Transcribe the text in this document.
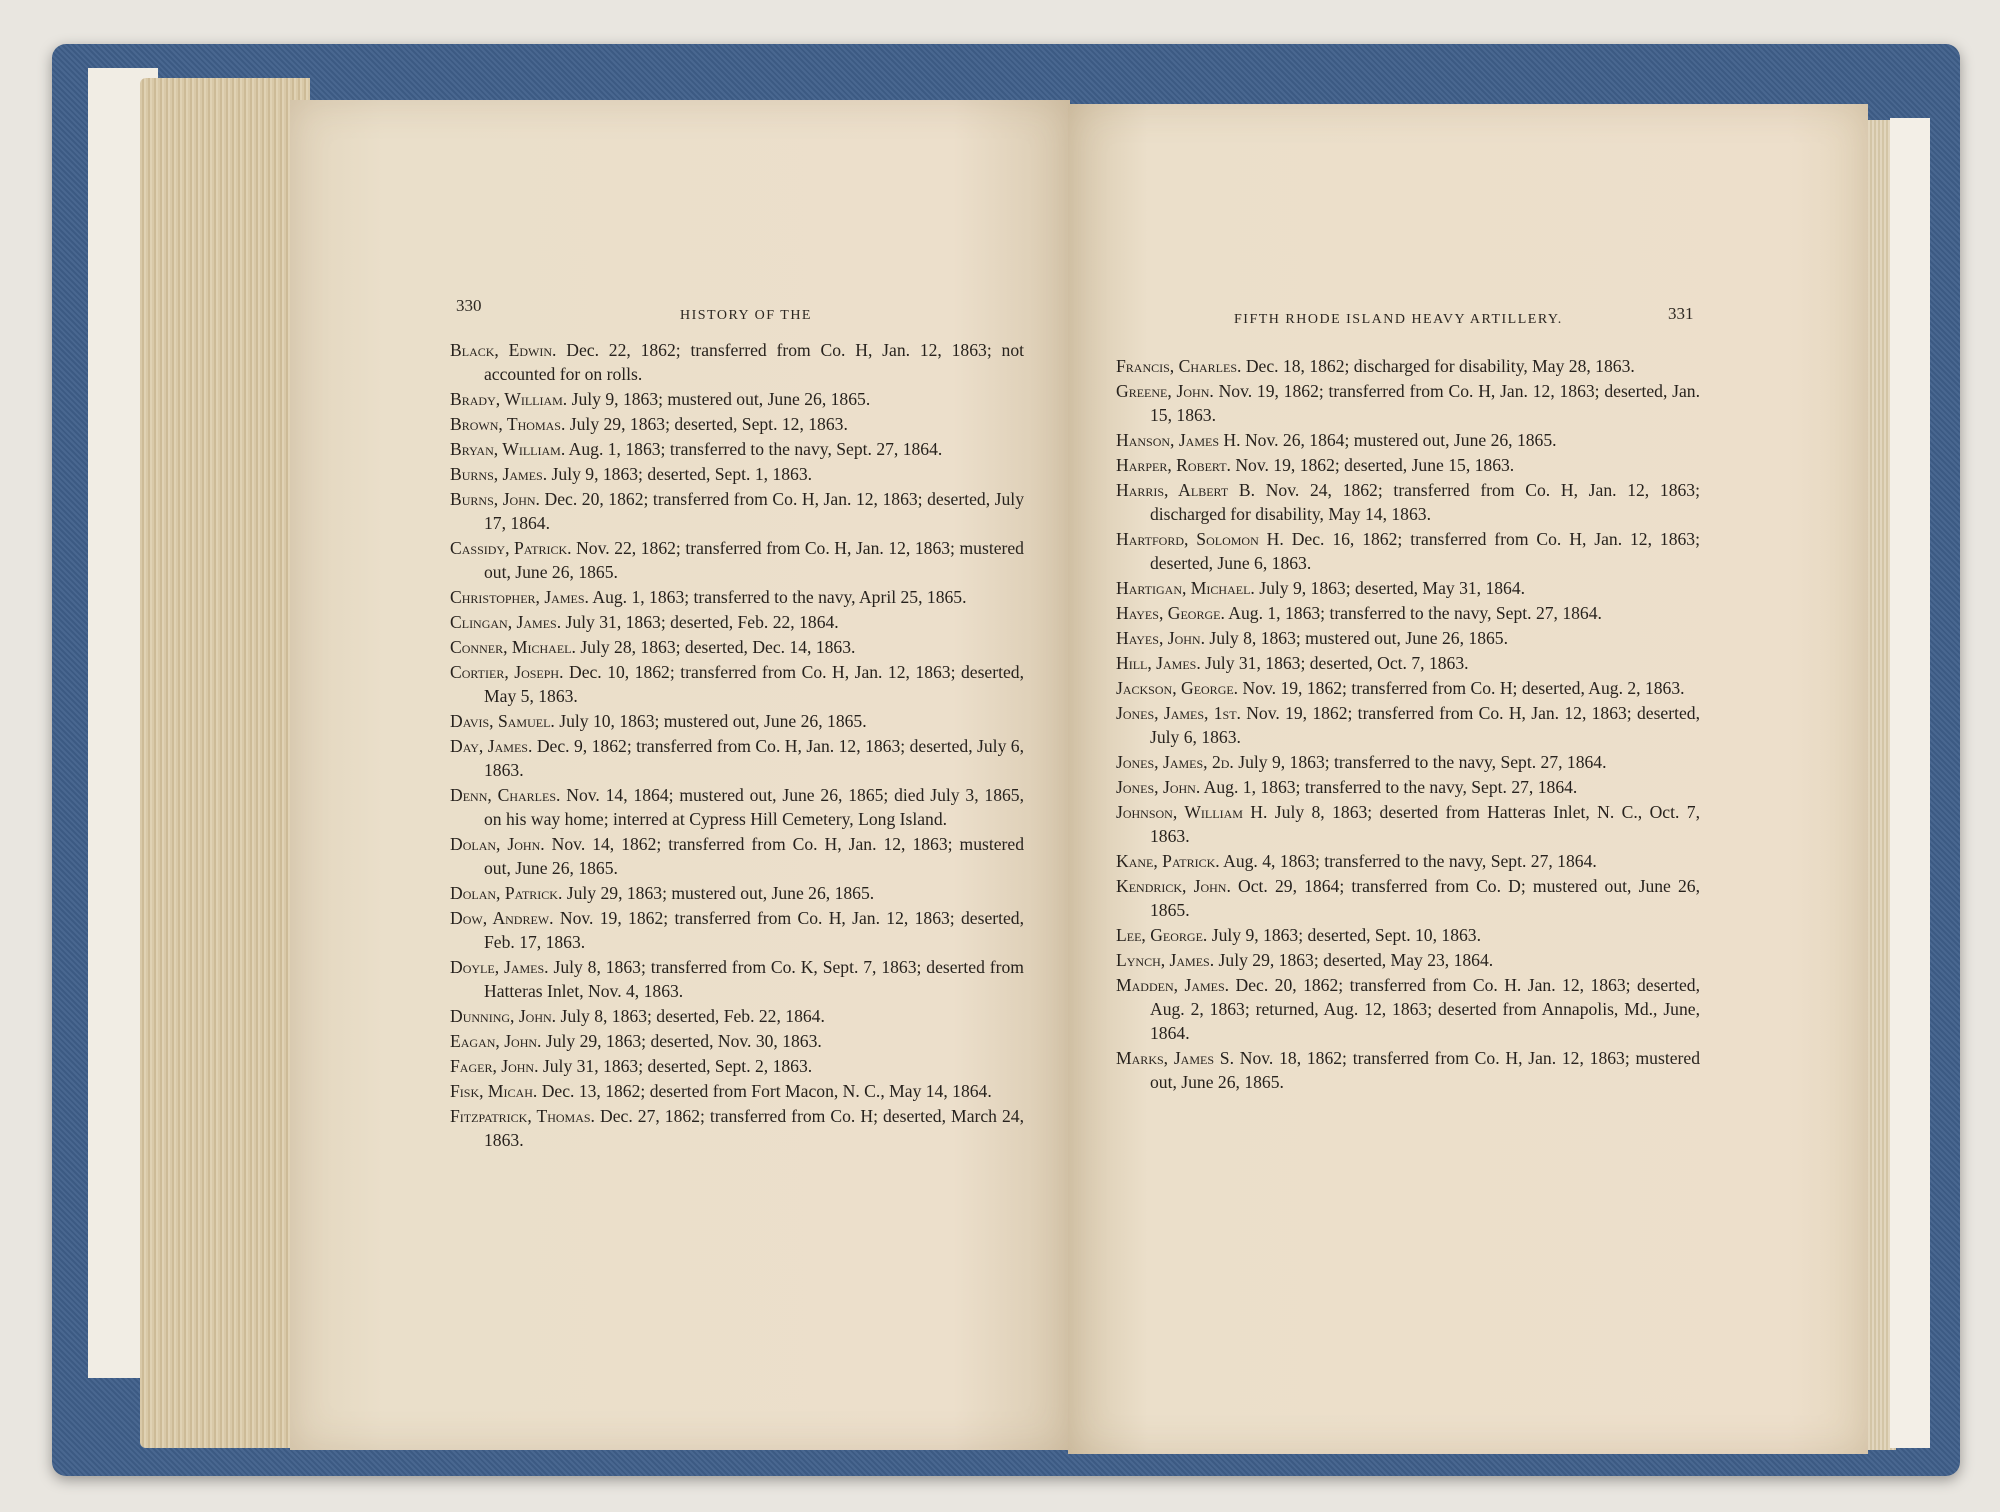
330
HISTORY OF THE

Black, Edwin. Dec. 22, 1862; transferred from Co. H, Jan. 12, 1863; not accounted for on rolls.

Brady, William. July 9, 1863; mustered out, June 26, 1865.

Brown, Thomas. July 29, 1863; deserted, Sept. 12, 1863.

Bryan, William. Aug. 1, 1863; transferred to the navy, Sept. 27, 1864.

Burns, James. July 9, 1863; deserted, Sept. 1, 1863.

Burns, John. Dec. 20, 1862; transferred from Co. H, Jan. 12, 1863; deserted, July 17, 1864.

Cassidy, Patrick. Nov. 22, 1862; transferred from Co. H, Jan. 12, 1863; mustered out, June 26, 1865.

Christopher, James. Aug. 1, 1863; transferred to the navy, April 25, 1865.

Clingan, James. July 31, 1863; deserted, Feb. 22, 1864.

Conner, Michael. July 28, 1863; deserted, Dec. 14, 1863.

Cortier, Joseph. Dec. 10, 1862; transferred from Co. H, Jan. 12, 1863; deserted, May 5, 1863.

Davis, Samuel. July 10, 1863; mustered out, June 26, 1865.

Day, James. Dec. 9, 1862; transferred from Co. H, Jan. 12, 1863; deserted, July 6, 1863.

Denn, Charles. Nov. 14, 1864; mustered out, June 26, 1865; died July 3, 1865, on his way home; interred at Cypress Hill Cemetery, Long Island.

Dolan, John. Nov. 14, 1862; transferred from Co. H, Jan. 12, 1863; mustered out, June 26, 1865.

Dolan, Patrick. July 29, 1863; mustered out, June 26, 1865.

Dow, Andrew. Nov. 19, 1862; transferred from Co. H, Jan. 12, 1863; deserted, Feb. 17, 1863.

Doyle, James. July 8, 1863; transferred from Co. K, Sept. 7, 1863; deserted from Hatteras Inlet, Nov. 4, 1863.

Dunning, John. July 8, 1863; deserted, Feb. 22, 1864.

Eagan, John. July 29, 1863; deserted, Nov. 30, 1863.

Fager, John. July 31, 1863; deserted, Sept. 2, 1863.

Fisk, Micah. Dec. 13, 1862; deserted from Fort Macon, N. C., May 14, 1864.

Fitzpatrick, Thomas. Dec. 27, 1862; transferred from Co. H; deserted, March 24, 1863.

FIFTH RHODE ISLAND HEAVY ARTILLERY.	331

Francis, Charles. Dec. 18, 1862; discharged for disability, May 28, 1863.

Greene, John. Nov. 19, 1862; transferred from Co. H, Jan. 12, 1863; deserted, Jan. 15, 1863.

Hanson, James H. Nov. 26, 1864; mustered out, June 26, 1865.

Harper, Robert. Nov. 19, 1862; deserted, June 15, 1863.

Harris, Albert B. Nov. 24, 1862; transferred from Co. H, Jan. 12, 1863; discharged for disability, May 14, 1863.

Hartford, Solomon H. Dec. 16, 1862; transferred from Co. H, Jan. 12, 1863; deserted, June 6, 1863.

Hartigan, Michael. July 9, 1863; deserted, May 31, 1864.

Hayes, George. Aug. 1, 1863; transferred to the navy, Sept. 27, 1864.

Hayes, John. July 8, 1863; mustered out, June 26, 1865.

Hill, James. July 31, 1863; deserted, Oct. 7, 1863.

Jackson, George. Nov. 19, 1862; transferred from Co. H; deserted, Aug. 2, 1863.

Jones, James, 1st. Nov. 19, 1862; transferred from Co. H, Jan. 12, 1863; deserted, July 6, 1863.

Jones, James, 2d. July 9, 1863; transferred to the navy, Sept. 27, 1864.

Jones, John. Aug. 1, 1863; transferred to the navy, Sept. 27, 1864.

Johnson, William H. July 8, 1863; deserted from Hatteras Inlet, N. C., Oct. 7, 1863.

Kane, Patrick. Aug. 4, 1863; transferred to the navy, Sept. 27, 1864.

Kendrick, John. Oct. 29, 1864; transferred from Co. D; mustered out, June 26, 1865.

Lee, George. July 9, 1863; deserted, Sept. 10, 1863.

Lynch, James. July 29, 1863; deserted, May 23, 1864.

Madden, James. Dec. 20, 1862; transferred from Co. H. Jan. 12, 1863; deserted, Aug. 2, 1863; returned, Aug. 12, 1863; deserted from Annapolis, Md., June, 1864.

Marks, James S. Nov. 18, 1862; transferred from Co. H, Jan. 12, 1863; mustered out, June 26, 1865.
